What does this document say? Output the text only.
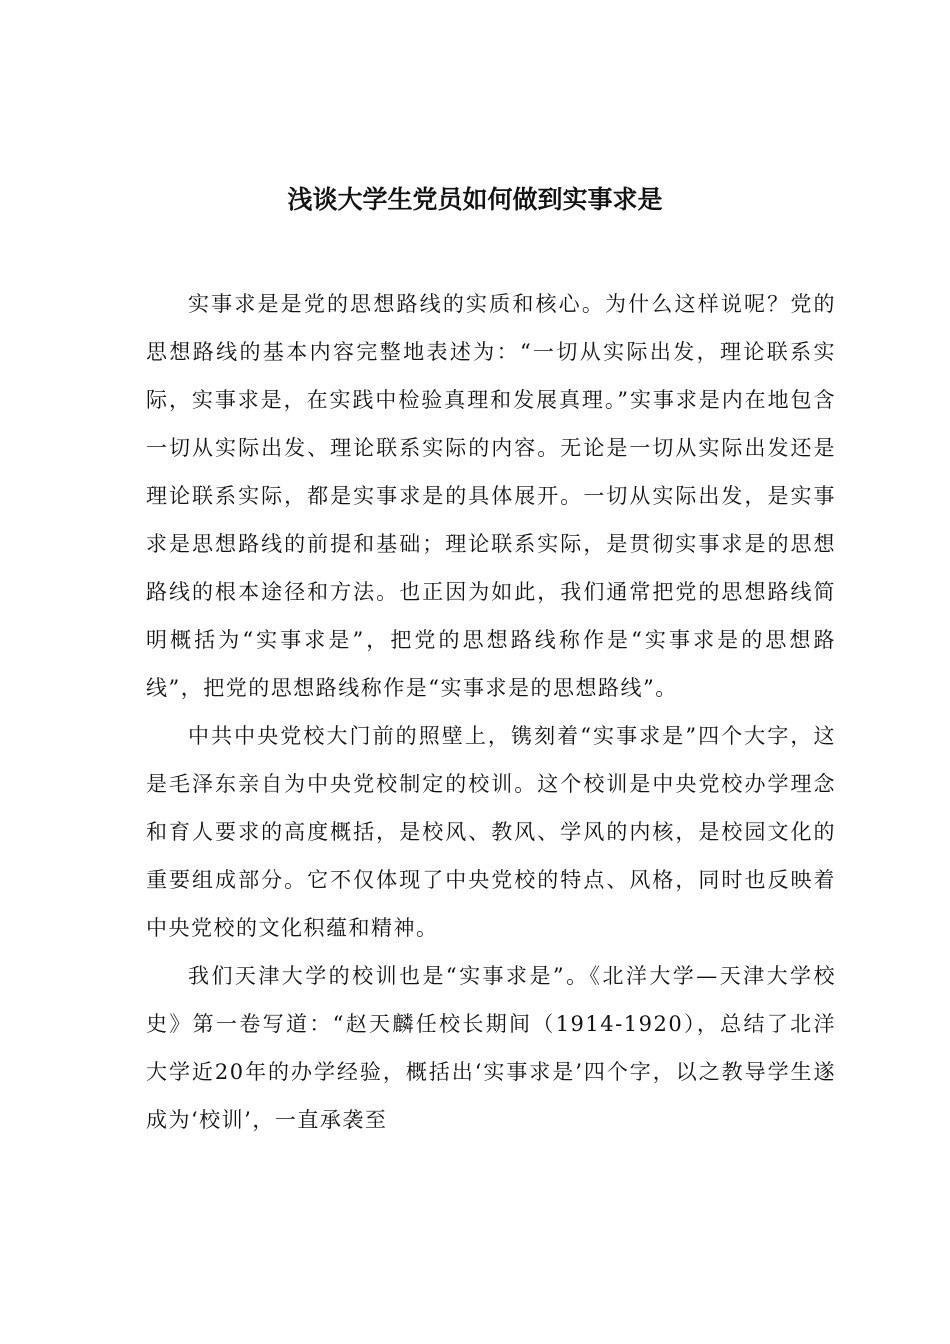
浅谈大学生党员如何做到实事求是

实事求是是党的思想路线的实质和核心。为什么这样说呢？党的思想路线的基本内容完整地表述为：“一切从实际出发，理论联系实际，实事求是，在实践中检验真理和发展真理。”实事求是内在地包含一切从实际出发、理论联系实际的内容。无论是一切从实际出发还是理论联系实际，都是实事求是的具体展开。一切从实际出发，是实事求是思想路线的前提和基础；理论联系实际，是贯彻实事求是的思想路线的根本途径和方法。也正因为如此，我们通常把党的思想路线简明概括为“实事求是”，把党的思想路线称作是“实事求是的思想路线”，把党的思想路线称作是“实事求是的思想路线”。

中共中央党校大门前的照壁上，镌刻着“实事求是”四个大字，这是毛泽东亲自为中央党校制定的校训。这个校训是中央党校办学理念和育人要求的高度概括，是校风、教风、学风的内核，是校园文化的重要组成部分。它不仅体现了中央党校的特点、风格，同时也反映着中央党校的文化积蕴和精神。

我们天津大学的校训也是“实事求是”。《北洋大学—天津大学校史》第一卷写道：“赵天麟任校长期间（1914-1920），总结了北洋大学近20年的办学经验，概括出‘实事求是’四个字，以之教导学生遂成为‘校训’，一直承袭至
